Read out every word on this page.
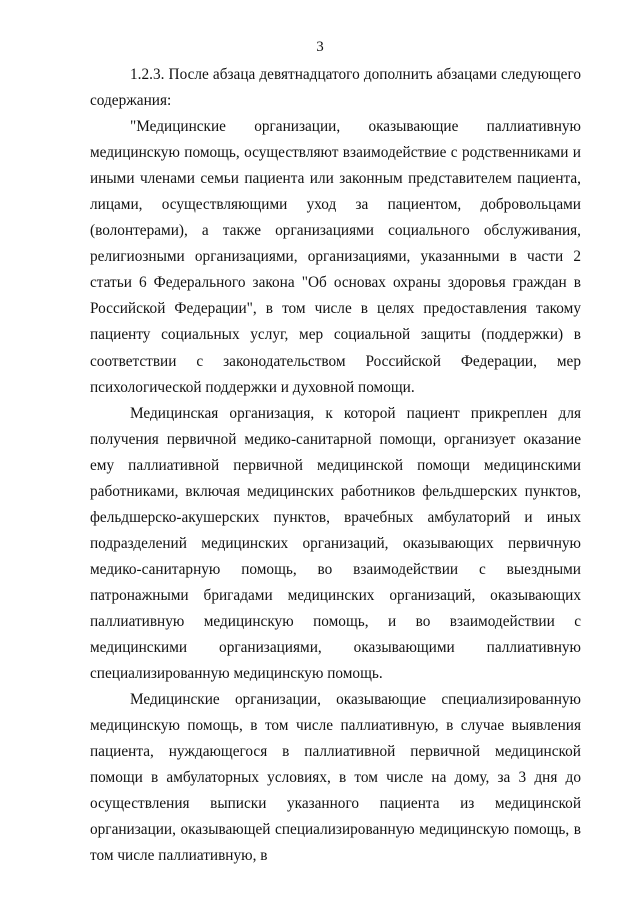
3

1.2.3. После абзаца девятнадцатого дополнить абзацами следующего содержания:

"Медицинские организации, оказывающие паллиативную медицинскую помощь, осуществляют взаимодействие с родственниками и иными членами семьи пациента или законным представителем пациента, лицами, осуществляющими уход за пациентом, добровольцами (волонтерами), а также организациями социального обслуживания, религиозными организациями, организациями, указанными в части 2 статьи 6 Федерального закона "Об основах охраны здоровья граждан в Российской Федерации", в том числе в целях предоставления такому пациенту социальных услуг, мер социальной защиты (поддержки) в соответствии с законодательством Российской Федерации, мер психологической поддержки и духовной помощи.

Медицинская организация, к которой пациент прикреплен для получения первичной медико-санитарной помощи, организует оказание ему паллиативной первичной медицинской помощи медицинскими работниками, включая медицинских работников фельдшерских пунктов, фельдшерско-акушерских пунктов, врачебных амбулаторий и иных подразделений медицинских организаций, оказывающих первичную медико-санитарную помощь, во взаимодействии с выездными патронажными бригадами медицинских организаций, оказывающих паллиативную медицинскую помощь, и во взаимодействии с медицинскими организациями, оказывающими паллиативную специализированную медицинскую помощь.

Медицинские организации, оказывающие специализированную медицинскую помощь, в том числе паллиативную, в случае выявления пациента, нуждающегося в паллиативной первичной медицинской помощи в амбулаторных условиях, в том числе на дому, за 3 дня до осуществления выписки указанного пациента из медицинской организации, оказывающей специализированную медицинскую помощь, в том числе паллиативную, в
